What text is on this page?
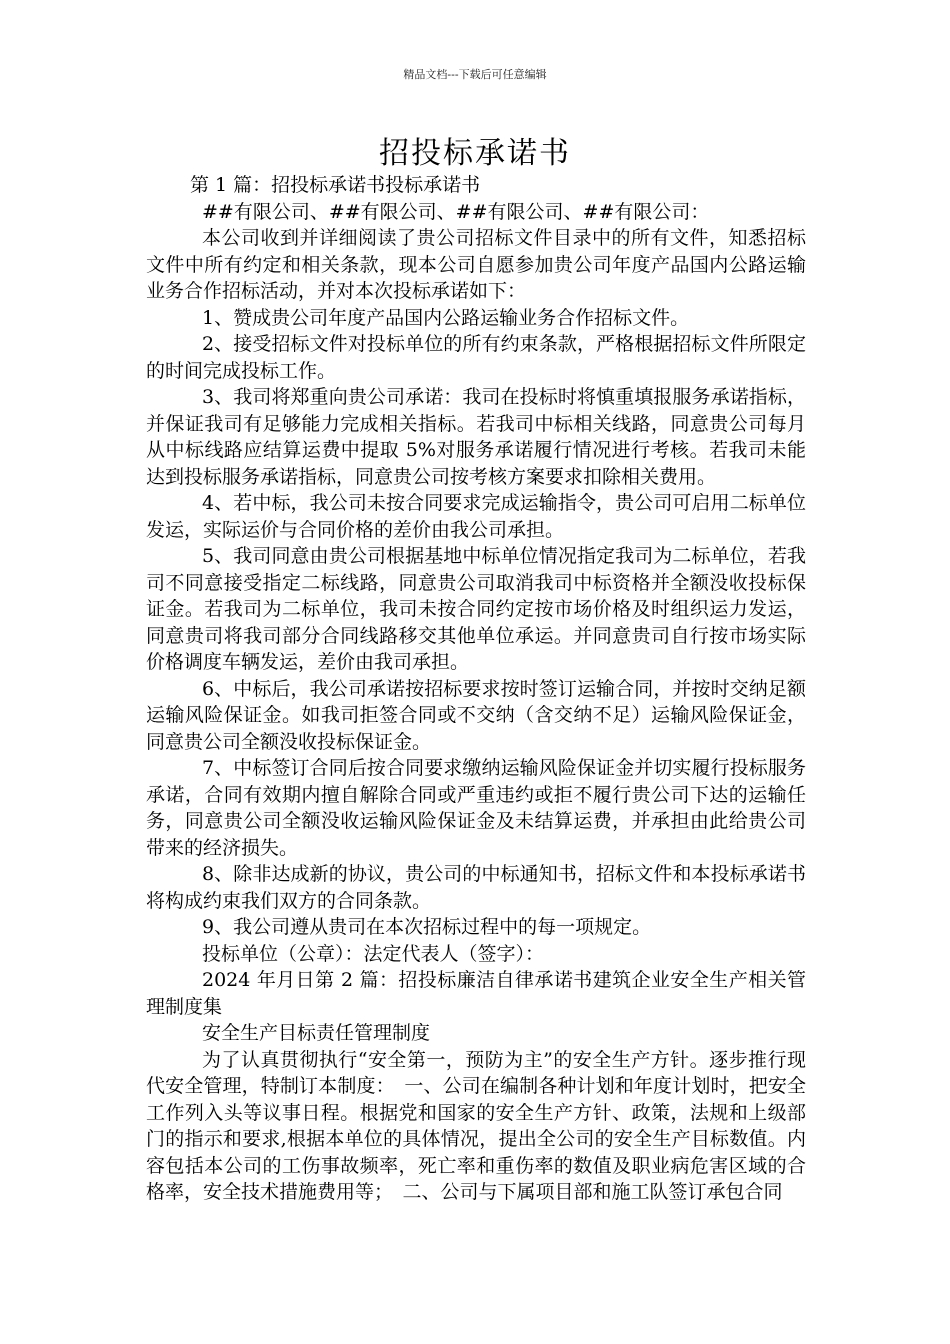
精品文档---下载后可任意编辑
招投标承诺书

第 1 篇：招投标承诺书投标承诺书

##有限公司、##有限公司、##有限公司、##有限公司：

本公司收到并详细阅读了贵公司招标文件目录中的所有文件，知悉招标文件中所有约定和相关条款，现本公司自愿参加贵公司年度产品国内公路运输业务合作招标活动，并对本次投标承诺如下：

1、赞成贵公司年度产品国内公路运输业务合作招标文件。

2、接受招标文件对投标单位的所有约束条款，严格根据招标文件所限定的时间完成投标工作。

3、我司将郑重向贵公司承诺：我司在投标时将慎重填报服务承诺指标，并保证我司有足够能力完成相关指标。若我司中标相关线路，同意贵公司每月从中标线路应结算运费中提取 5%对服务承诺履行情况进行考核。若我司未能达到投标服务承诺指标，同意贵公司按考核方案要求扣除相关费用。

4、若中标，我公司未按合同要求完成运输指令，贵公司可启用二标单位发运，实际运价与合同价格的差价由我公司承担。

5、我司同意由贵公司根据基地中标单位情况指定我司为二标单位，若我司不同意接受指定二标线路，同意贵公司取消我司中标资格并全额没收投标保证金。若我司为二标单位，我司未按合同约定按市场价格及时组织运力发运，同意贵司将我司部分合同线路移交其他单位承运。并同意贵司自行按市场实际价格调度车辆发运，差价由我司承担。

6、中标后，我公司承诺按招标要求按时签订运输合同，并按时交纳足额运输风险保证金。如我司拒签合同或不交纳（含交纳不足）运输风险保证金，同意贵公司全额没收投标保证金。

7、中标签订合同后按合同要求缴纳运输风险保证金并切实履行投标服务承诺，合同有效期内擅自解除合同或严重违约或拒不履行贵公司下达的运输任务，同意贵公司全额没收运输风险保证金及未结算运费，并承担由此给贵公司带来的经济损失。

8、除非达成新的协议，贵公司的中标通知书，招标文件和本投标承诺书将构成约束我们双方的合同条款。

9、我公司遵从贵司在本次招标过程中的每一项规定。

投标单位（公章）：法定代表人（签字）：

2024 年月日第 2 篇：招投标廉洁自律承诺书建筑企业安全生产相关管理制度集

安全生产目标责任管理制度

为了认真贯彻执行“安全第一，预防为主”的安全生产方针。逐步推行现代安全管理，特制订本制度：　一、公司在编制各种计划和年度计划时，把安全工作列入头等议事日程。根据党和国家的安全生产方针、政策，法规和上级部门的指示和要求,根据本单位的具体情况，提出全公司的安全生产目标数值。内容包括本公司的工伤事故频率，死亡率和重伤率的数值及职业病危害区域的合格率，安全技术措施费用等；　二、公司与下属项目部和施工队签订承包合同
